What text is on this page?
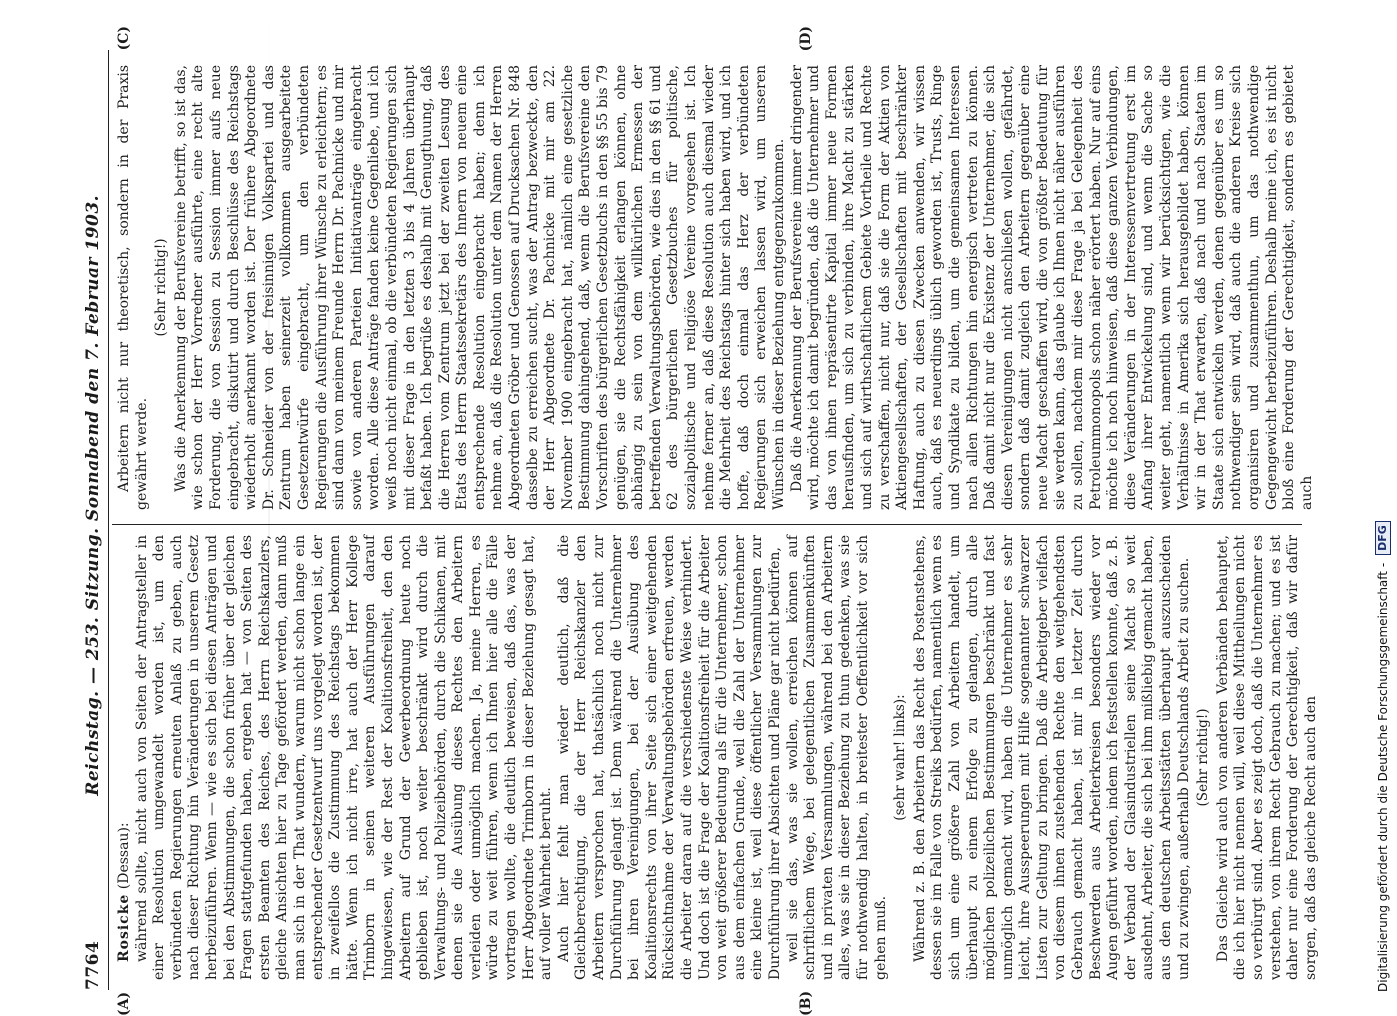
7764
Reichstag. — 253. Sitzung. Sonnabend den 7. Februar 1903.
(A)	(B)
(C)	(D)

Rosicke (Dessau): während sollte, nicht auch von Seiten der Antragsteller in einer Resolution umgewandelt worden ist, um den verbündeten Regierungen erneuten Anlaß zu geben, auch nach dieser Richtung hin Veränderungen in unserem Gesetz herbeizuführen. Wenn — wie es sich bei diesen Anträgen und bei den Abstimmungen, die schon früher über der gleichen Fragen stattgefunden haben, ergeben hat — von Seiten des ersten Beamten des Reiches, des Herrn Reichskanzlers, gleiche Ansichten hier zu Tage gefördert werden, dann muß man sich in der That wundern, warum nicht schon lange ein entsprechender Gesetzentwurf uns vorgelegt worden ist, der in zweifellos die Zustimmung des Reichstags bekommen hätte. Wenn ich nicht irre, hat auch der Herr Kollege Trimborn in seinen weiteren Ausführungen darauf hingewiesen, wie der Rest der Koalitionsfreiheit, den den Arbeitern auf Grund der Gewerbeordnung heute noch geblieben ist, noch weiter beschränkt wird durch die Verwaltungs- und Polizeibehörden, durch die Schikanen, mit denen sie die Ausübung dieses Rechtes den Arbeitern verleiden oder unmöglich machen. Ja, meine Herren, es würde zu weit führen, wenn ich Ihnen hier alle die Fälle vortragen wollte, die deutlich beweisen, daß das, was der Herr Abgeordnete Trimborn in dieser Beziehung gesagt hat, auf voller Wahrheit beruht. Auch hier fehlt man wieder deutlich, daß die Gleichberechtigung, die der Herr Reichskanzler den Arbeitern versprochen hat, thatsächlich noch nicht zur Durchführung gelangt ist. Denn während die Unternehmer bei ihren Vereinigungen, bei der Ausübung des Koalitionsrechts von ihrer Seite sich einer weitgehenden Rücksichtnahme der Verwaltungsbehörden erfreuen, werden die Arbeiter daran auf die verschiedenste Weise verhindert. Und doch ist die Frage der Koalitionsfreiheit für die Arbeiter von weit größerer Bedeutung als für die Unternehmer, schon aus dem einfachen Grunde, weil die Zahl der Unternehmer eine kleine ist, weil diese öffentlicher Versammlungen zur Durchführung ihrer Absichten und Pläne gar nicht bedürfen, weil sie das, was sie wollen, erreichen können auf schriftlichem Wege, bei gelegentlichen Zusammenkünften und in privaten Versammlungen, während bei den Arbeitern alles, was sie in dieser Beziehung zu thun gedenken, was sie für nothwendig halten, in breitester Oeffentlichkeit vor sich gehen muß.

(sehr wahr! links): Während z. B. den Arbeitern das Recht des Postenstehens, dessen sie im Falle von Streiks bedürfen, namentlich wenn es sich um eine größere Zahl von Arbeitern handelt, um überhaupt zu einem Erfolge zu gelangen, durch alle möglichen polizeilichen Bestimmungen beschränkt und fast unmöglich gemacht wird, haben die Unternehmer es sehr leicht, ihre Ausspeerungen mit Hilfe sogenannter schwarzer Listen zur Geltung zu bringen. Daß die Arbeitgeber vielfach von diesem ihnen zustehenden Rechte den weitgehendsten Gebrauch gemacht haben, ist mir in letzter Zeit durch Beschwerden aus Arbeiterkreisen besonders wieder vor Augen geführt worden, indem ich feststellen konnte, daß z. B. der Verband der Glasindustriellen seine Macht so weit ausdehnt, Arbeiter, die sich bei ihm mißliebig gemacht haben, aus den deutschen Arbeitsstätten überhaupt auszuscheiden und zu zwingen, außerhalb Deutschlands Arbeit zu suchen. (Sehr richtig!) Das Gleiche wird auch von anderen Verbänden behauptet, die ich hier nicht nennen will, weil diese Mittheilungen nicht so verbürgt sind. Aber es zeigt doch, daß die Unternehmer es verstehen, von ihrem Recht Gebrauch zu machen; und es ist daher nur eine Forderung der Gerechtigkeit, daß wir dafür sorgen, daß das gleiche Recht auch den

Arbeitern nicht nur theoretisch, sondern in der Praxis gewährt werde.

(Sehr richtig!) Was die Anerkennung der Berufsvereine betrifft, so ist das, wie schon der Herr Vorredner ausführte, eine recht alte Forderung, die von Session zu Session immer aufs neue eingebracht, diskutirt und durch Beschlüsse des Reichstags wiederholt anerkannt worden ist. Der frühere Abgeordnete Dr. Schneider von der freisinnigen Volkspartei und das Zentrum haben seinerzeit vollkommen ausgearbeitete Gesetzentwürfe eingebracht, um den verbündeten Regierungen die Ausführung ihrer Wünsche zu erleichtern; es sind dann von meinem Freunde Herrn Dr. Pachnicke und mir sowie von anderen Parteien Initiativanträge eingebracht worden. Alle diese Anträge fanden keine Gegenliebe, und ich weiß noch nicht einmal, ob die verbündeten Regierungen sich mit dieser Frage in den letzten 3 bis 4 Jahren überhaupt befaßt haben. Ich begrüße es deshalb mit Genugthuung, daß die Herren vom Zentrum jetzt bei der zweiten Lesung des Etats des Herrn Staatssekretärs des Innern von neuem eine entsprechende Resolution eingebracht haben; denn ich nehme an, daß die Resolution unter dem Namen der Herren Abgeordneten Gröber und Genossen auf Drucksachen Nr. 848 dasselbe zu erreichen sucht, was der Antrag bezweckte, den der Herr Abgeordnete Dr. Pachnicke mit mir am 22. November 1900 eingebracht hat, nämlich eine gesetzliche Bestimmung dahingehend, daß, wenn die Berufsvereine den Vorschriften des bürgerlichen Gesetzbuchs in den §§ 55 bis 79 genügen, sie die Rechtsfähigkeit erlangen können, ohne abhängig zu sein von dem willkürlichen Ermessen der betreffenden Verwaltungsbehörden, wie dies in den §§ 61 und 62 des bürgerlichen Gesetzbuches für politische, sozialpolitische und religiöse Vereine vorgesehen ist. Ich nehme ferner an, daß diese Resolution auch diesmal wieder die Mehrheit des Reichstags hinter sich haben wird, und ich hoffe, daß doch einmal das Herz der verbündeten Regierungen sich erweichen lassen wird, um unseren Wünschen in dieser Beziehung entgegenzukommen. Daß die Anerkennung der Berufsvereine immer dringender wird, möchte ich damit begründen, daß die Unternehmer und das von ihnen repräsentirte Kapital immer neue Formen herausfinden, um sich zu verbinden, ihre Macht zu stärken und sich auf wirthschaftlichem Gebiete Vortheile und Rechte zu verschaffen, nicht nur, daß sie die Form der Aktien von Aktiengesellschaften, der Gesellschaften mit beschränkter Haftung, auch zu diesen Zwecken anwenden, wir wissen auch, daß es neuerdings üblich geworden ist, Trusts, Ringe und Syndikate zu bilden, um die gemeinsamen Interessen nach allen Richtungen hin energisch vertreten zu können. Daß damit nicht nur die Existenz der Unternehmer, die sich diesen Vereinigungen nicht anschließen wollen, gefährdet, sondern daß damit zugleich den Arbeitern gegenüber eine neue Macht geschaffen wird, die von größter Bedeutung für sie werden kann, das glaube ich Ihnen nicht näher ausführen zu sollen, nachdem mir diese Frage ja bei Gelegenheit des Petroleummonopols schon näher erörtert haben. Nur auf eins möchte ich noch hinweisen, daß diese ganzen Verbindungen, diese Veränderungen in der Interessenvertretung erst im Anfang ihrer Entwickelung sind, und wenn die Sache so weiter geht, namentlich wenn wir berücksichtigen, wie die Verhältnisse in Amerika sich herausgebildet haben, können wir in der That erwarten, daß nach und nach Staaten im Staate sich entwickeln werden, denen gegenüber es um so nothwendiger sein wird, daß auch die anderen Kreise sich organisiren und zusammenthun, um das nothwendige Gegengewicht herbeizuführen. Deshalb meine ich, es ist nicht bloß eine Forderung der Gerechtigkeit, sondern es gebietet auch

Digitalisierung gefördert durch die Deutsche Forschungsgemeinschaft -
DFG
